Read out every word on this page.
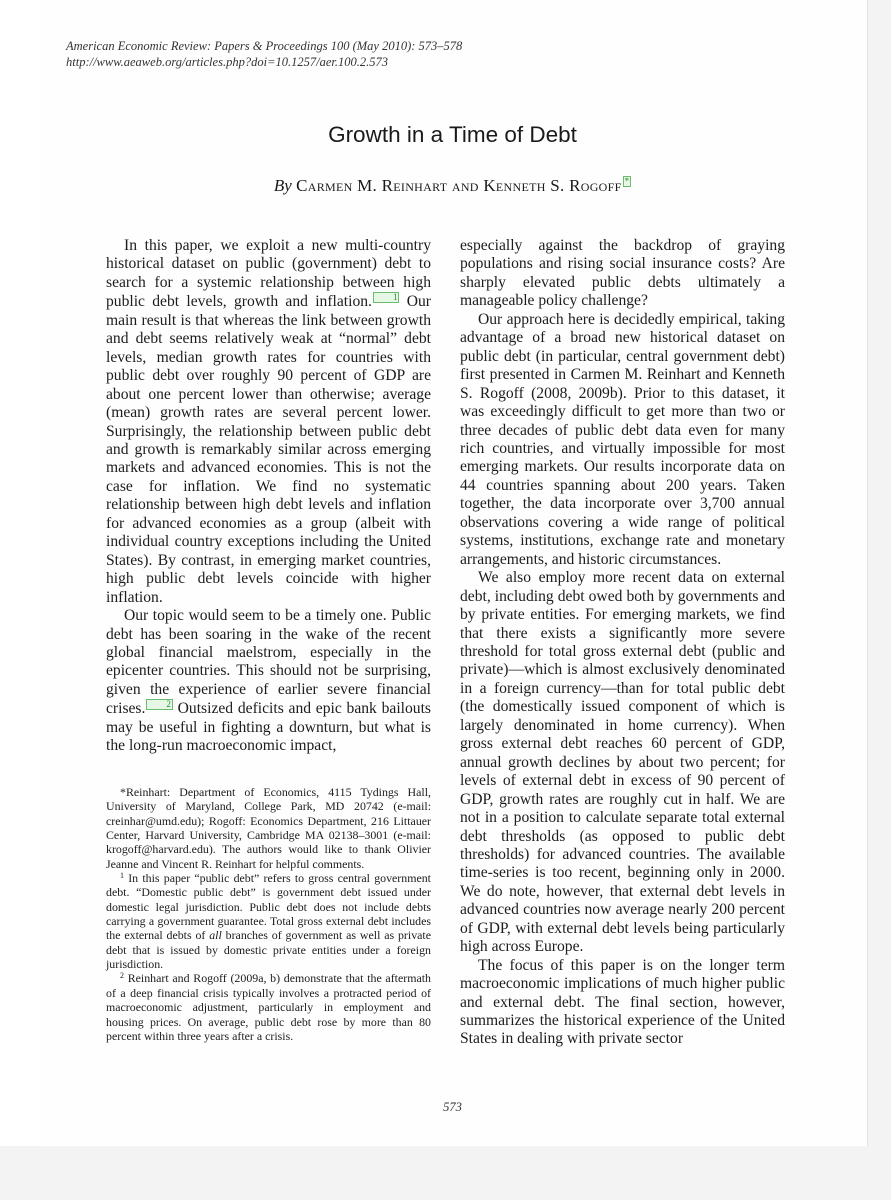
American Economic Review: Papers & Proceedings 100 (May 2010): 573–578
http://www.aeaweb.org/articles.php?doi=10.1257/aer.100.2.573
Growth in a Time of Debt
By Carmen M. Reinhart and Kenneth S. Rogoff *

In this paper, we exploit a new multi-country historical dataset on public (government) debt to search for a systemic relationship between high public debt levels, growth and inflation. 1 Our main result is that whereas the link between growth and debt seems relatively weak at “normal” debt levels, median growth rates for countries with public debt over roughly 90 percent of GDP are about one percent lower than otherwise; average (mean) growth rates are several percent lower. Surprisingly, the relationship between public debt and growth is remarkably similar across emerging markets and advanced economies. This is not the case for inflation. We find no systematic relationship between high debt levels and inflation for advanced economies as a group (albeit with individual country exceptions including the United States). By contrast, in emerging market countries, high public debt levels coincide with higher inflation.

Our topic would seem to be a timely one. Public debt has been soaring in the wake of the recent global financial maelstrom, especially in the epicenter countries. This should not be surprising, given the experience of earlier severe financial crises. 2 Outsized deficits and epic bank bailouts may be useful in fighting a downturn, but what is the long-run macroeconomic impact,

*Reinhart: Department of Economics, 4115 Tydings Hall, University of Maryland, College Park, MD 20742 (e-mail: creinhar@umd.edu); Rogoff: Economics Department, 216 Littauer Center, Harvard University, Cambridge MA 02138–3001 (e-mail: krogoff@harvard.edu). The authors would like to thank Olivier Jeanne and Vincent R. Reinhart for helpful comments.

$^1$ In this paper “public debt” refers to gross central government debt. “Domestic public debt” is government debt issued under domestic legal jurisdiction. Public debt does not include debts carrying a government guarantee. Total gross external debt includes the external debts of all branches of government as well as private debt that is issued by domestic private entities under a foreign jurisdiction.

$^2$ Reinhart and Rogoff (2009a, b) demonstrate that the aftermath of a deep financial crisis typically involves a protracted period of macroeconomic adjustment, particularly in employment and housing prices. On average, public debt rose by more than 80 percent within three years after a crisis.

especially against the backdrop of graying populations and rising social insurance costs? Are sharply elevated public debts ultimately a manageable policy challenge?

Our approach here is decidedly empirical, taking advantage of a broad new historical dataset on public debt (in particular, central government debt) first presented in Carmen M. Reinhart and Kenneth S. Rogoff (2008, 2009b). Prior to this dataset, it was exceedingly difficult to get more than two or three decades of public debt data even for many rich countries, and virtually impossible for most emerging markets. Our results incorporate data on 44 countries spanning about 200 years. Taken together, the data incorporate over 3,700 annual observations covering a wide range of political systems, institutions, exchange rate and monetary arrangements, and historic circumstances.

We also employ more recent data on external debt, including debt owed both by governments and by private entities. For emerging markets, we find that there exists a significantly more severe threshold for total gross external debt (public and private)—which is almost exclusively denominated in a foreign currency—than for total public debt (the domestically issued component of which is largely denominated in home currency). When gross external debt reaches 60 percent of GDP, annual growth declines by about two percent; for levels of external debt in excess of 90 percent of GDP, growth rates are roughly cut in half. We are not in a position to calculate separate total external debt thresholds (as opposed to public debt thresholds) for advanced countries. The available time-series is too recent, beginning only in 2000. We do note, however, that external debt levels in advanced countries now average nearly 200 percent of GDP, with external debt levels being particularly high across Europe.

The focus of this paper is on the longer term macroeconomic implications of much higher public and external debt. The final section, however, summarizes the historical experience of the United States in dealing with private sector

573
